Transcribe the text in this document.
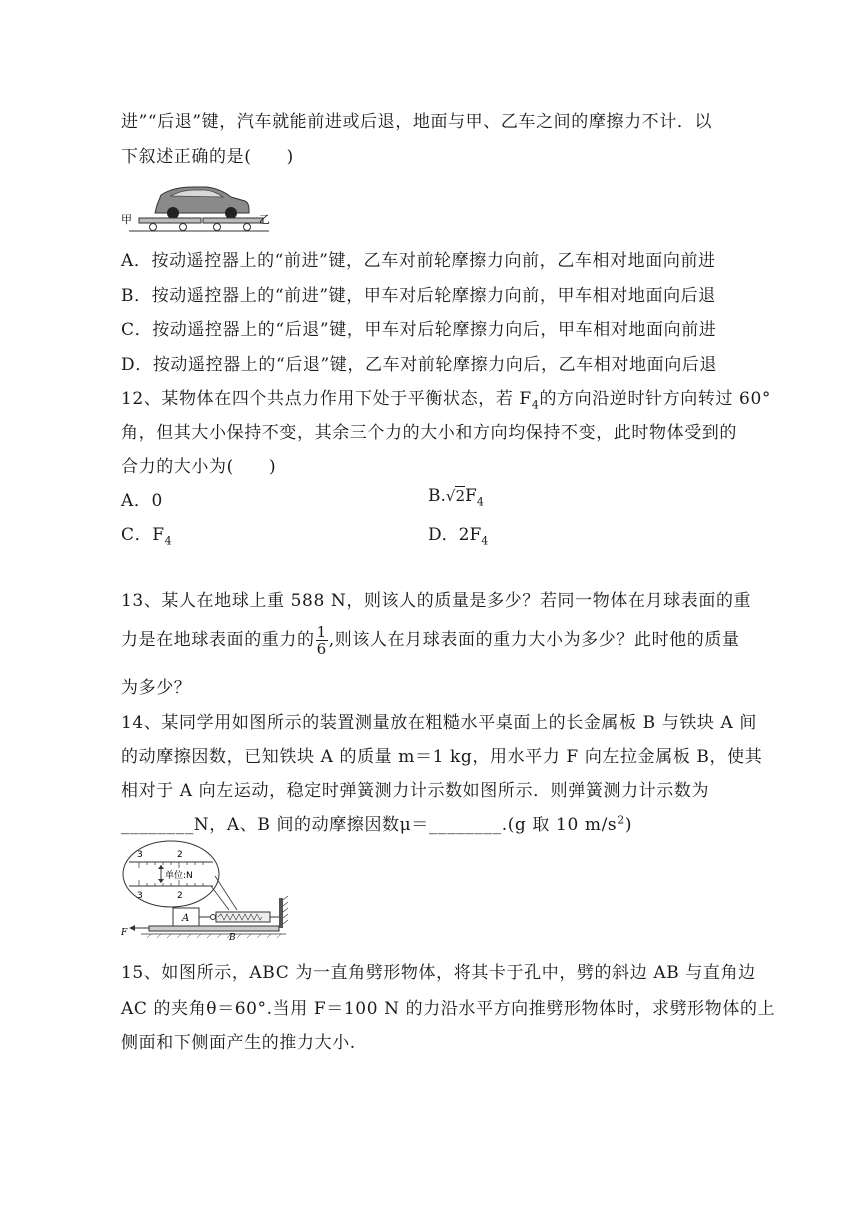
进”“后退”键，汽车就能前进或后退，地面与甲、乙车之间的摩擦力不计．以
下叙述正确的是(　　)
甲	乙
A．按动遥控器上的“前进”键，乙车对前轮摩擦力向前，乙车相对地面向前进
B．按动遥控器上的“前进”键，甲车对后轮摩擦力向前，甲车相对地面向后退
C．按动遥控器上的“后退”键，甲车对后轮摩擦力向后，甲车相对地面向前进
D．按动遥控器上的“后退”键，乙车对前轮摩擦力向后，乙车相对地面向后退
12、某物体在四个共点力作用下处于平衡状态，若 $F_4$的方向沿逆时针方向转过 60°
角，但其大小保持不变，其余三个力的大小和方向均保持不变，此时物体受到的
合力的大小为(　　)
A．0	$B.√2F_4$
C．$F_4$	D．$2F_4$
13、某人在地球上重 588 N，则该人的质量是多少？若同一物体在月球表面的重
力是在地球表面的重力的 $\frac{1}{6}$ ,则该人在月球表面的重力大小为多少？此时他的质量
为多少？
14、某同学用如图所示的装置测量放在粗糙水平桌面上的长金属板 B 与铁块 A 间
的动摩擦因数，已知铁块 A 的质量 m＝1 kg，用水平力 F 向左拉金属板 B，使其
相对于 A 向左运动，稳定时弹簧测力计示数如图所示．则弹簧测力计示数为
________N，A、B 间的动摩擦因数μ＝________.(g 取 10 $m/s^2$)
3	2
3	2
单位:N
A
B
F
15、如图所示，ABC 为一直角劈形物体，将其卡于孔中，劈的斜边 AB 与直角边
AC 的夹角θ＝60°.当用 F＝100 N 的力沿水平方向推劈形物体时，求劈形物体的上
侧面和下侧面产生的推力大小.
